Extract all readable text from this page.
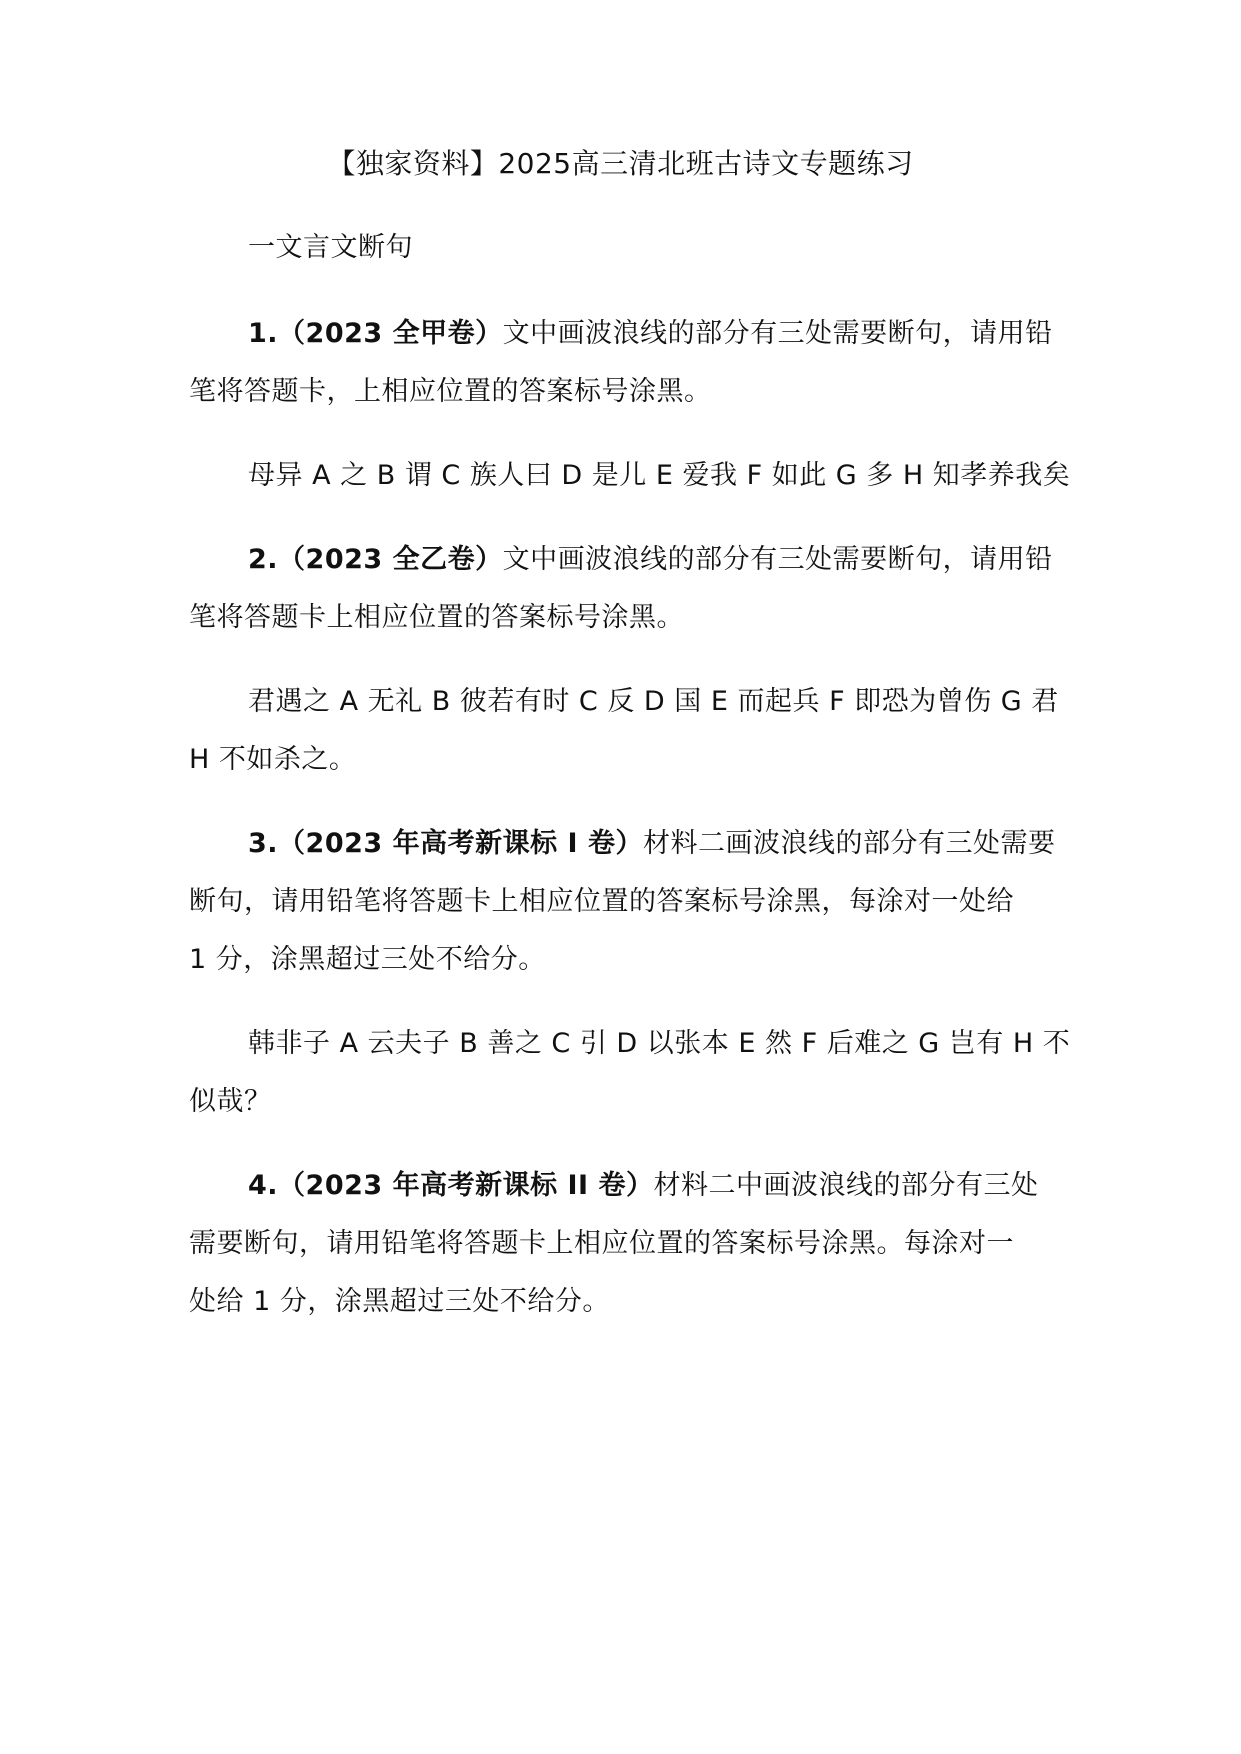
【独家资料】2025高三清北班古诗文专题练习
一文言文断句
1.（2023 全甲卷）文中画波浪线的部分有三处需要断句，请用铅
笔将答题卡，上相应位置的答案标号涂黑。
母异 A 之 B 谓 C 族人曰 D 是儿 E 爱我 F 如此 G 多 H 知孝养我矣
2.（2023 全乙卷）文中画波浪线的部分有三处需要断句，请用铅
笔将答题卡上相应位置的答案标号涂黑。
君遇之 A 无礼 B 彼若有时 C 反 D 国 E 而起兵 F 即恐为曾伤 G 君
H 不如杀之。
3.（2023 年高考新课标 I 卷）材料二画波浪线的部分有三处需要
断句，请用铅笔将答题卡上相应位置的答案标号涂黑，每涂对一处给
1 分，涂黑超过三处不给分。
韩非子 A 云夫子 B 善之 C 引 D 以张本 E 然 F 后难之 G 岂有 H 不
似哉？
4.（2023 年高考新课标 II 卷）材料二中画波浪线的部分有三处
需要断句，请用铅笔将答题卡上相应位置的答案标号涂黑。每涂对一
处给 1 分，涂黑超过三处不给分。
